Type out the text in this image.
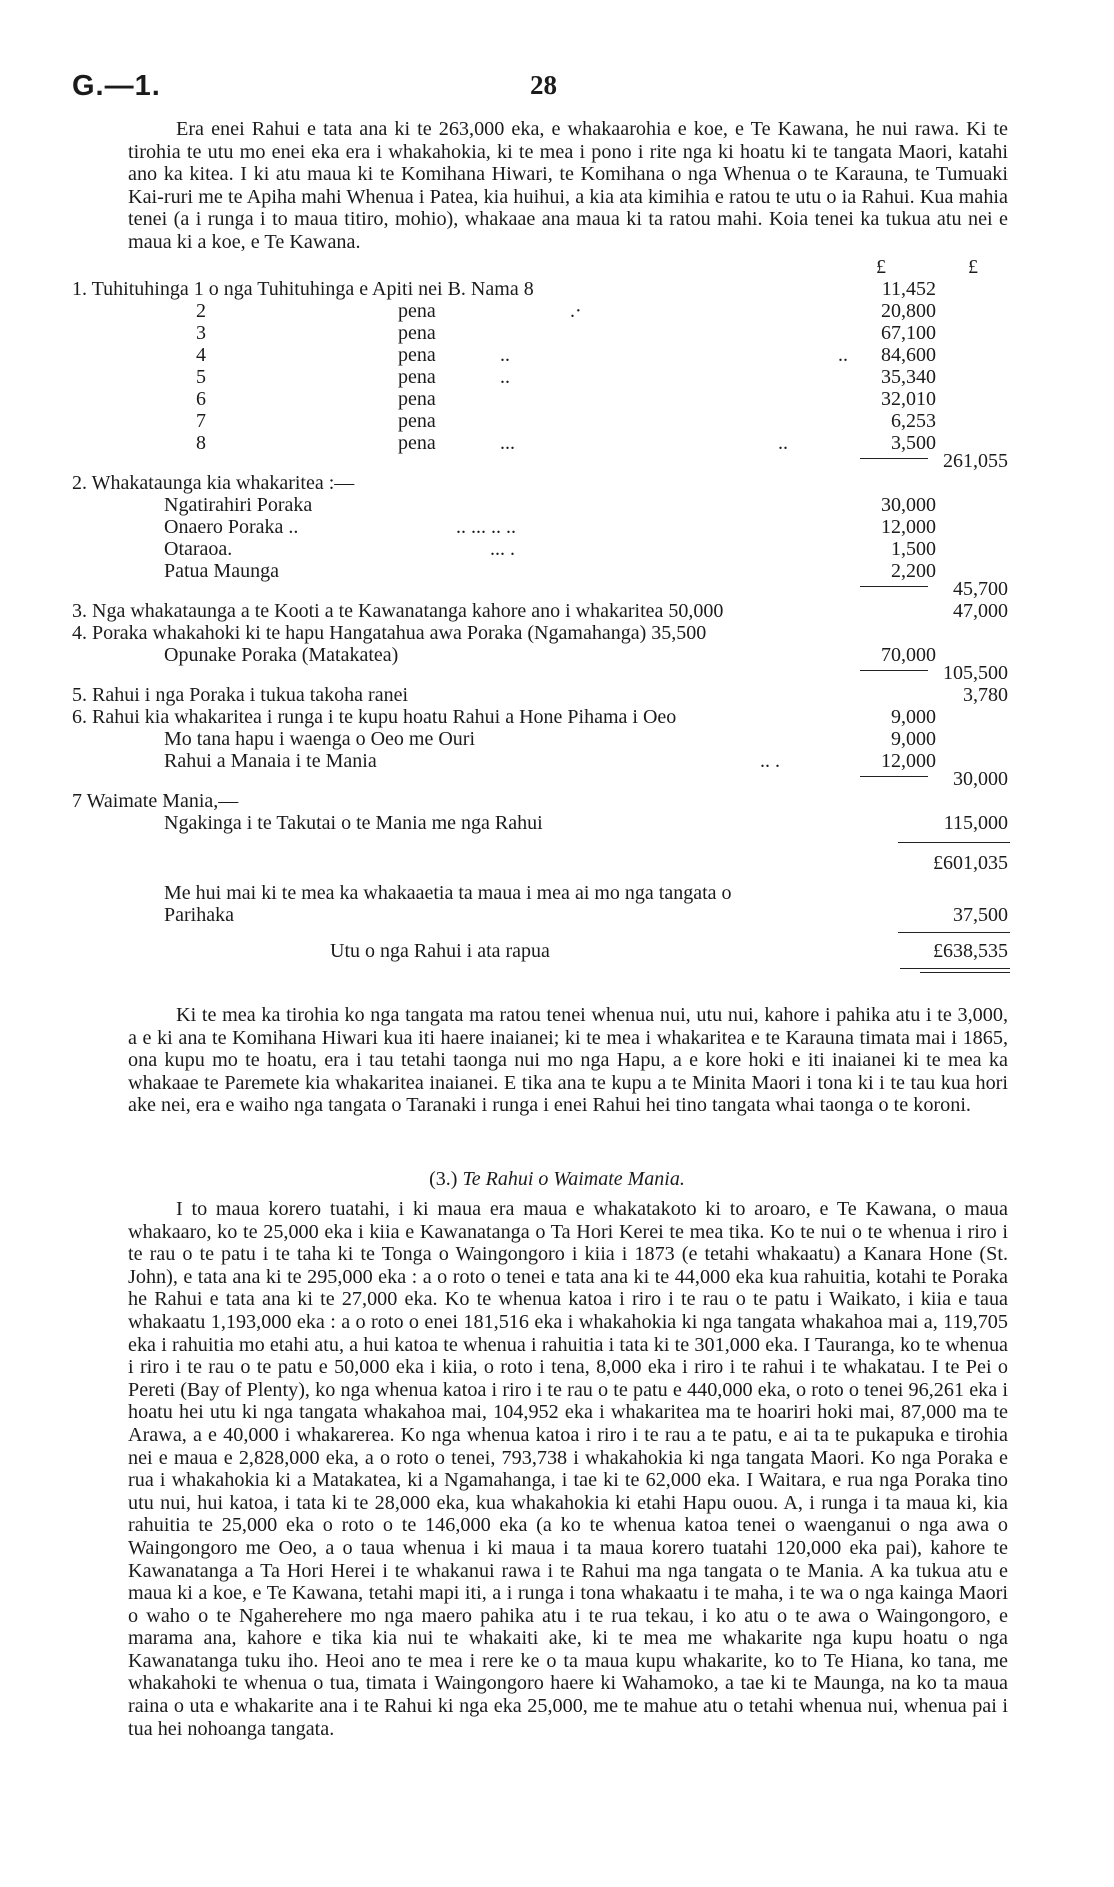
G.—1.	28
Era enei Rahui e tata ana ki te 263,000 eka, e whakaarohia e koe, e Te Kawana, he nui rawa. Ki te tirohia te utu mo enei eka era i whakahokia, ki te mea i pono i rite nga ki hoatu ki te tangata Maori, katahi ano ka kitea. I ki atu maua ki te Komihana Hiwari, te Komihana o nga Whenua o te Karauna, te Tumuaki Kai-ruri me te Apiha mahi Whenua i Patea, kia huihui, a kia ata kimihia e ratou te utu o ia Rahui. Kua mahia tenei (a i runga i to maua titiro, mohio), whakaae ana maua ki ta ratou mahi. Koia tenei ka tukua atu nei e maua ki a koe, e Te Kawana.
£	£
1. Tuhituhinga 1 o nga Tuhituhinga e Apiti nei B. Nama 8	11,452
2	pena	.·	20,800
3	pena	67,100
4	pena	..	..	84,600
5	pena	..	35,340
6	pena	32,010
7	pena	6,253
8	pena	...	..	3,500
261,055
2. Whakataunga kia whakaritea :—
Ngatirahiri Poraka	30,000
Onaero Poraka ..	.. ... .. ..	12,000
Otaraoa.	... .	1,500
Patua Maunga	2,200
45,700
3. Nga whakataunga a te Kooti a te Kawanatanga kahore ano i whakaritea 50,000	47,000
4. Poraka whakahoki ki te hapu Hangatahua awa Poraka (Ngamahanga) 35,500
Opunake Poraka (Matakatea)	70,000
105,500
5. Rahui i nga Poraka i tukua takoha ranei	3,780
6. Rahui kia whakaritea i runga i te kupu hoatu Rahui a Hone Pihama i Oeo	9,000
Mo tana hapu i waenga o Oeo me Ouri	9,000
Rahui a Manaia i te Mania	.. .	12,000
30,000
7 Waimate Mania,—
Ngakinga i te Takutai o te Mania me nga Rahui	115,000
£601,035
Me hui mai ki te mea ka whakaaetia ta maua i mea ai mo nga tangata o
Parihaka	37,500
Utu o nga Rahui i ata rapua	£638,535
Ki te mea ka tirohia ko nga tangata ma ratou tenei whenua nui, utu nui, kahore i pahika atu i te 3,000, a e ki ana te Komihana Hiwari kua iti haere inaianei; ki te mea i whakaritea e te Karauna timata mai i 1865, ona kupu mo te hoatu, era i tau tetahi taonga nui mo nga Hapu, a e kore hoki e iti inaianei ki te mea ka whakaae te Paremete kia whakaritea inaianei. E tika ana te kupu a te Minita Maori i tona ki i te tau kua hori ake nei, era e waiho nga tangata o Taranaki i runga i enei Rahui hei tino tangata whai taonga o te koroni.
(3.) Te Rahui o Waimate Mania.
I to maua korero tuatahi, i ki maua era maua e whakatakoto ki to aroaro, e Te Kawana, o maua whakaaro, ko te 25,000 eka i kiia e Kawanatanga o Ta Hori Kerei te mea tika. Ko te nui o te whenua i riro i te rau o te patu i te taha ki te Tonga o Waingongoro i kiia i 1873 (e tetahi whakaatu) a Kanara Hone (St. John), e tata ana ki te 295,000 eka : a o roto o tenei e tata ana ki te 44,000 eka kua rahuitia, kotahi te Poraka he Rahui e tata ana ki te 27,000 eka. Ko te whenua katoa i riro i te rau o te patu i Waikato, i kiia e taua whakaatu 1,193,000 eka : a o roto o enei 181,516 eka i whakahokia ki nga tangata whakahoa mai a, 119,705 eka i rahuitia mo etahi atu, a hui katoa te whenua i rahuitia i tata ki te 301,000 eka. I Tauranga, ko te whenua i riro i te rau o te patu e 50,000 eka i kiia, o roto i tena, 8,000 eka i riro i te rahui i te whakatau. I te Pei o Pereti (Bay of Plenty), ko nga whenua katoa i riro i te rau o te patu e 440,000 eka, o roto o tenei 96,261 eka i hoatu hei utu ki nga tangata whakahoa mai, 104,952 eka i whakaritea ma te hoariri hoki mai, 87,000 ma te Arawa, a e 40,000 i whakarerea. Ko nga whenua katoa i riro i te rau a te patu, e ai ta te pukapuka e tirohia nei e maua e 2,828,000 eka, a o roto o tenei, 793,738 i whakahokia ki nga tangata Maori. Ko nga Poraka e rua i whakahokia ki a Matakatea, ki a Ngamahanga, i tae ki te 62,000 eka. I Waitara, e rua nga Poraka tino utu nui, hui katoa, i tata ki te 28,000 eka, kua whakahokia ki etahi Hapu ouou. A, i runga i ta maua ki, kia rahuitia te 25,000 eka o roto o te 146,000 eka (a ko te whenua katoa tenei o waenganui o nga awa o Waingongoro me Oeo, a o taua whenua i ki maua i ta maua korero tuatahi 120,000 eka pai), kahore te Kawanatanga a Ta Hori Herei i te whakanui rawa i te Rahui ma nga tangata o te Mania. A ka tukua atu e maua ki a koe, e Te Kawana, tetahi mapi iti, a i runga i tona whakaatu i te maha, i te wa o nga kainga Maori o waho o te Ngaherehere mo nga maero pahika atu i te rua tekau, i ko atu o te awa o Waingongoro, e marama ana, kahore e tika kia nui te whakaiti ake, ki te mea me whakarite nga kupu hoatu o nga Kawanatanga tuku iho. Heoi ano te mea i rere ke o ta maua kupu whakarite, ko to Te Hiana, ko tana, me whakahoki te whenua o tua, timata i Waingongoro haere ki Wahamoko, a tae ki te Maunga, na ko ta maua raina o uta e whakarite ana i te Rahui ki nga eka 25,000, me te mahue atu o tetahi whenua nui, whenua pai i tua hei nohoanga tangata.
